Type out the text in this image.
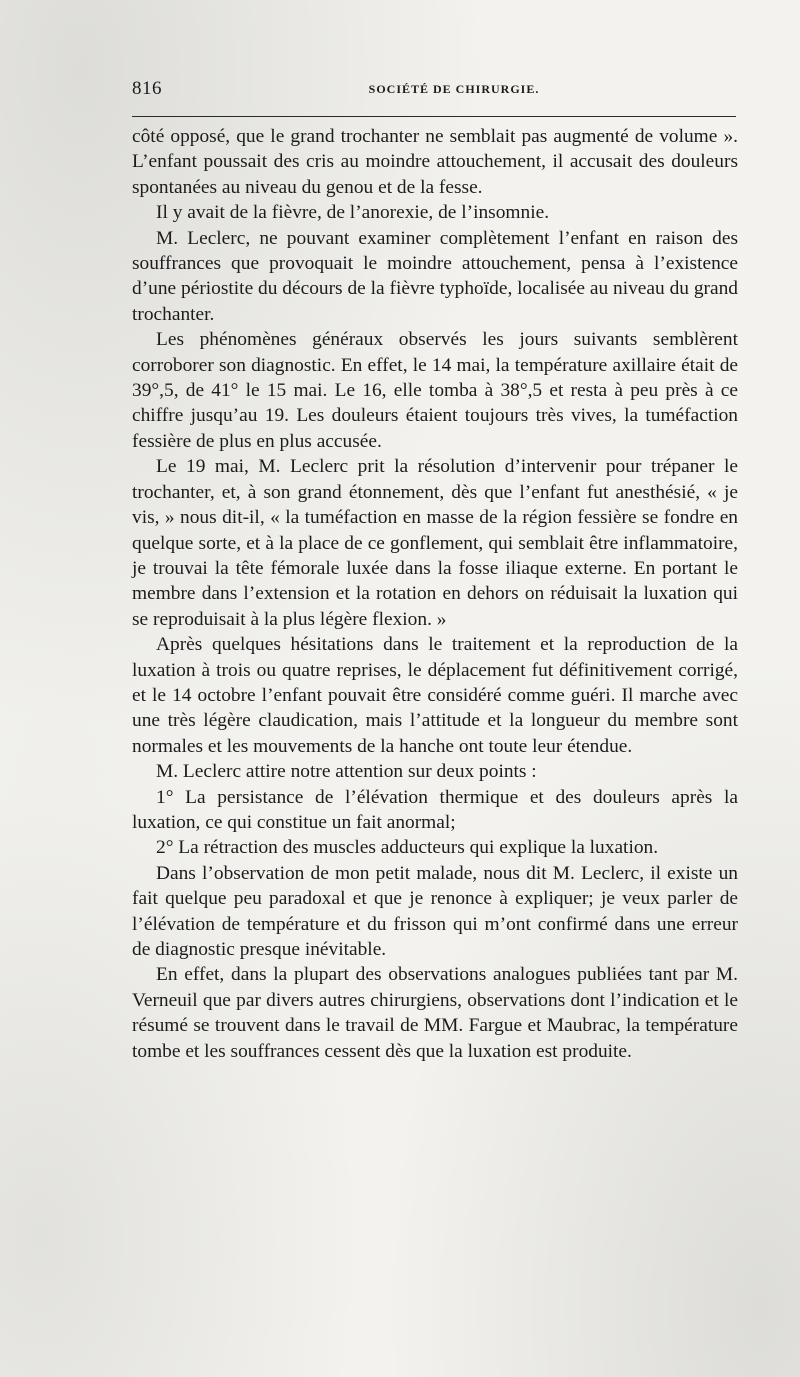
816	SOCIÉTÉ DE CHIRURGIE.

côté opposé, que le grand trochanter ne semblait pas augmenté de volume ». L’enfant poussait des cris au moindre attouchement, il accusait des douleurs spontanées au niveau du genou et de la fesse.

Il y avait de la fièvre, de l’anorexie, de l’insomnie.

M. Leclerc, ne pouvant examiner complètement l’enfant en raison des souffrances que provoquait le moindre attouchement, pensa à l’existence d’une périostite du décours de la fièvre typhoïde, localisée au niveau du grand trochanter.

Les phénomènes généraux observés les jours suivants semblèrent corroborer son diagnostic. En effet, le 14 mai, la température axillaire était de 39°,5, de 41° le 15 mai. Le 16, elle tomba à 38°,5 et resta à peu près à ce chiffre jusqu’au 19. Les douleurs étaient toujours très vives, la tuméfaction fessière de plus en plus accusée.

Le 19 mai, M. Leclerc prit la résolution d’intervenir pour trépaner le trochanter, et, à son grand étonnement, dès que l’enfant fut anesthésié, « je vis, » nous dit-il, « la tuméfaction en masse de la région fessière se fondre en quelque sorte, et à la place de ce gonflement, qui semblait être inflammatoire, je trouvai la tête fémorale luxée dans la fosse iliaque externe. En portant le membre dans l’extension et la rotation en dehors on réduisait la luxation qui se reproduisait à la plus légère flexion. »

Après quelques hésitations dans le traitement et la reproduction de la luxation à trois ou quatre reprises, le déplacement fut définitivement corrigé, et le 14 octobre l’enfant pouvait être considéré comme guéri. Il marche avec une très légère claudication, mais l’attitude et la longueur du membre sont normales et les mouvements de la hanche ont toute leur étendue.

M. Leclerc attire notre attention sur deux points :

1° La persistance de l’élévation thermique et des douleurs après la luxation, ce qui constitue un fait anormal;

2° La rétraction des muscles adducteurs qui explique la luxation.

Dans l’observation de mon petit malade, nous dit M. Leclerc, il existe un fait quelque peu paradoxal et que je renonce à expliquer; je veux parler de l’élévation de température et du frisson qui m’ont confirmé dans une erreur de diagnostic presque inévitable.

En effet, dans la plupart des observations analogues publiées tant par M. Verneuil que par divers autres chirurgiens, observations dont l’indication et le résumé se trouvent dans le travail de MM. Fargue et Maubrac, la température tombe et les souffrances cessent dès que la luxation est produite.
